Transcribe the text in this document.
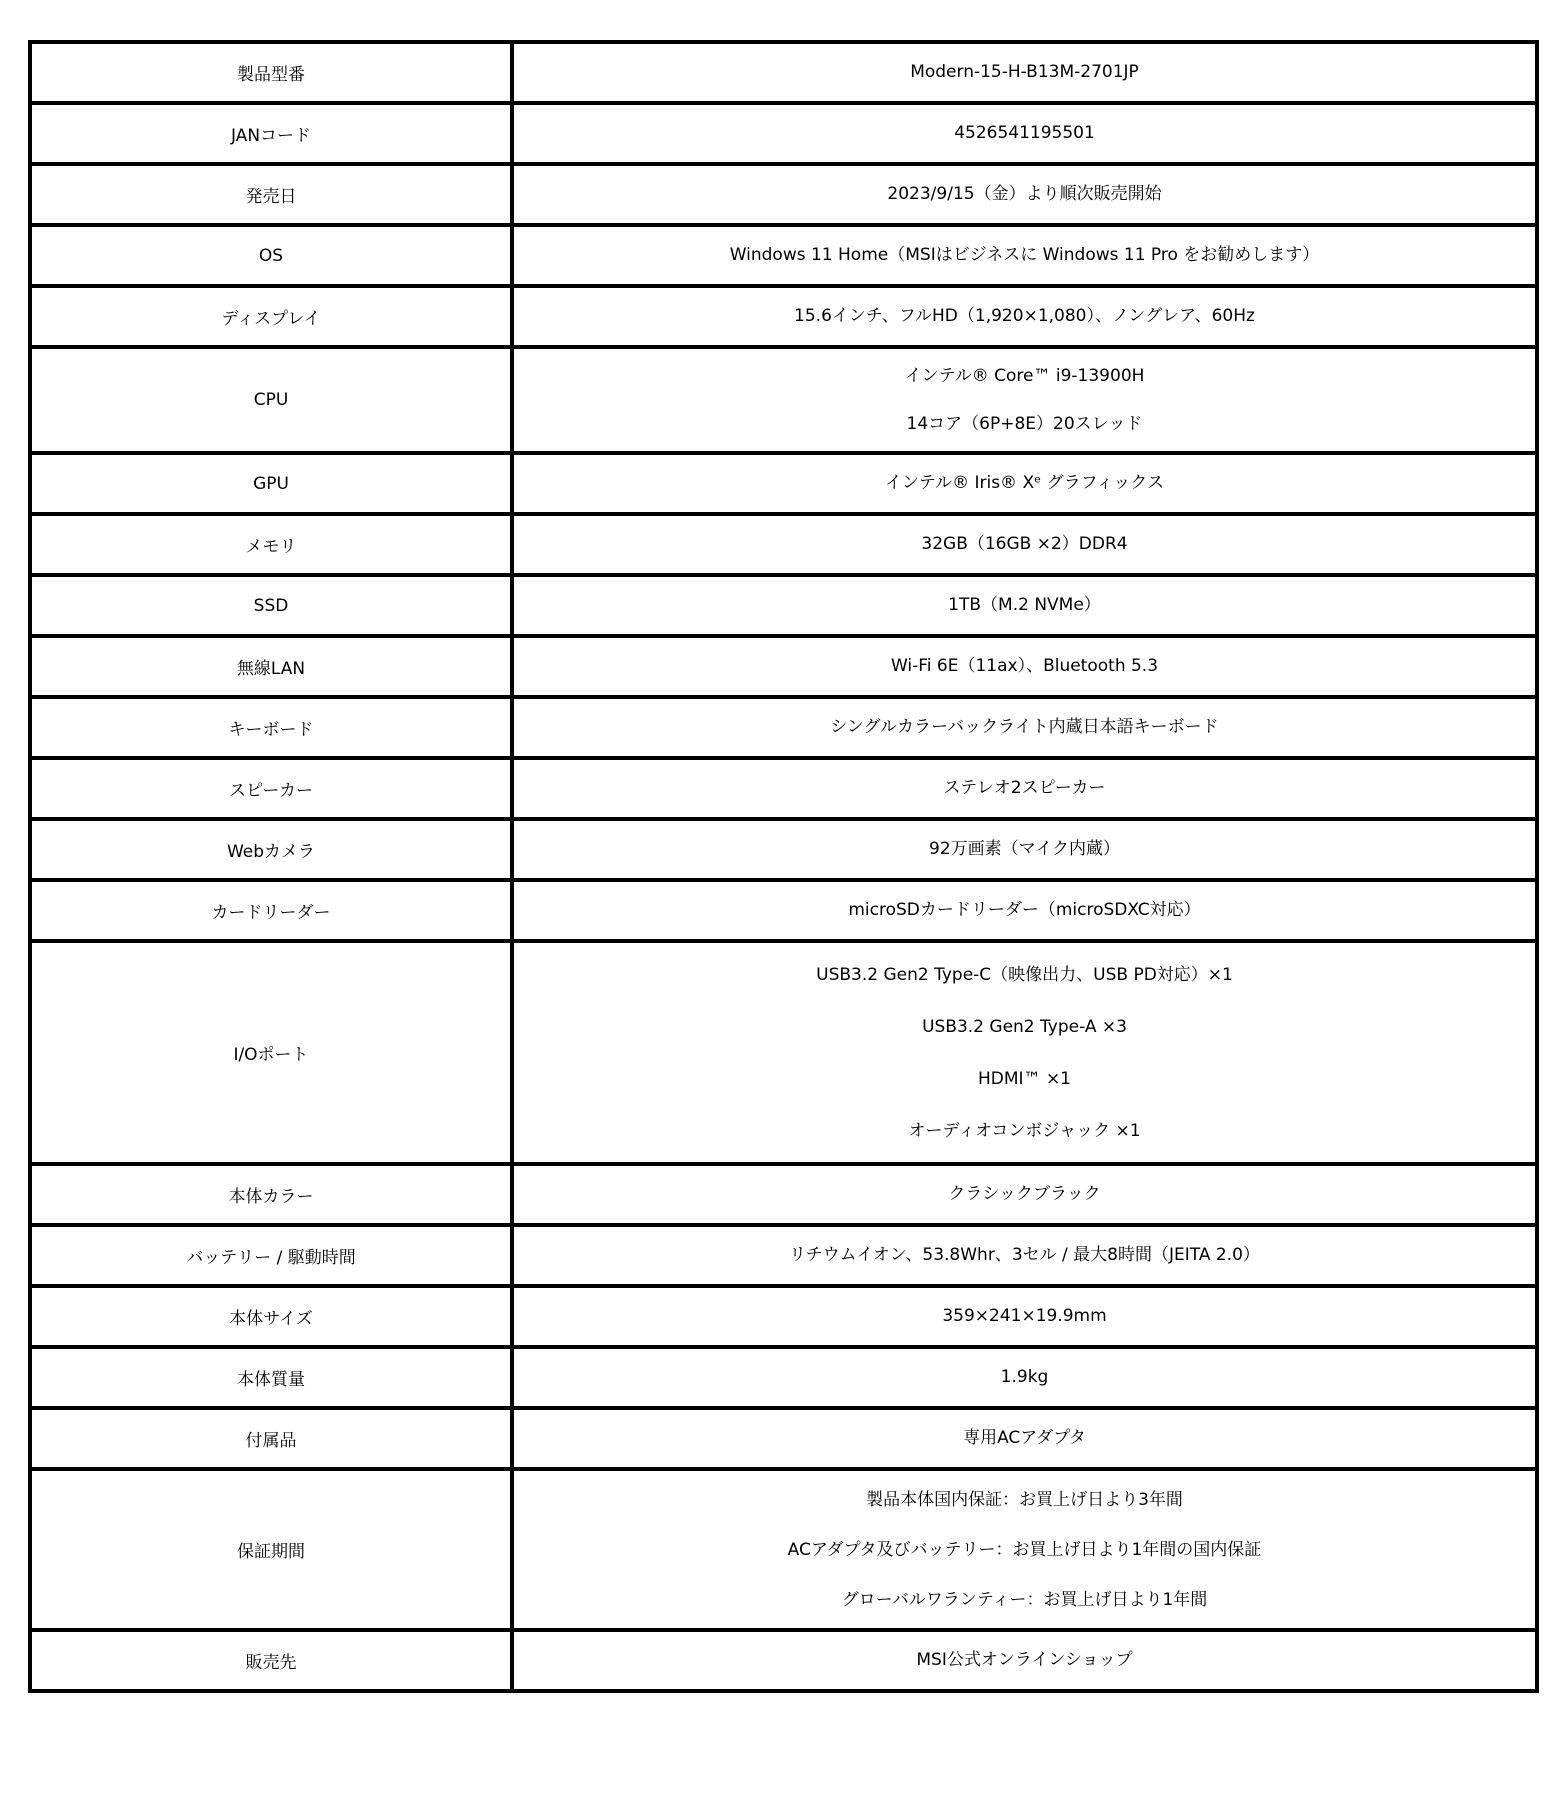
製品型番	Modern-15-H-B13M-2701JP

JANコード	4526541195501

発売日	2023/9/15（金）より順次販売開始

OS	Windows 11 Home（MSIはビジネスに Windows 11 Pro をお勧めします）

ディスプレイ	15.6インチ、フルHD（1,920×1,080）、ノングレア、60Hz

CPU	インテル® Core™ i9-13900H
14コア（6P+8E）20スレッド

GPU	インテル® Iris® Xᵉ グラフィックス

メモリ	32GB（16GB ×2）DDR4

SSD	1TB（M.2 NVMe）

無線LAN	Wi-Fi 6E（11ax）、Bluetooth 5.3

キーボード	シングルカラーバックライト内蔵日本語キーボード

スピーカー	ステレオ2スピーカー

Webカメラ	92万画素（マイク内蔵）

カードリーダー	microSDカードリーダー（microSDXC対応）

I/Oポート	USB3.2 Gen2 Type-C（映像出力、USB PD対応）×1
USB3.2 Gen2 Type-A ×3
HDMI™ ×1
オーディオコンボジャック ×1

本体カラー	クラシックブラック

バッテリー / 駆動時間	リチウムイオン、53.8Whr、3セル / 最大8時間（JEITA 2.0）

本体サイズ	359×241×19.9mm

本体質量	1.9kg

付属品	専用ACアダプタ

保証期間	製品本体国内保証：お買上げ日より3年間
ACアダプタ及びバッテリー：お買上げ日より1年間の国内保証
グローバルワランティー：お買上げ日より1年間

販売先	MSI公式オンラインショップ
